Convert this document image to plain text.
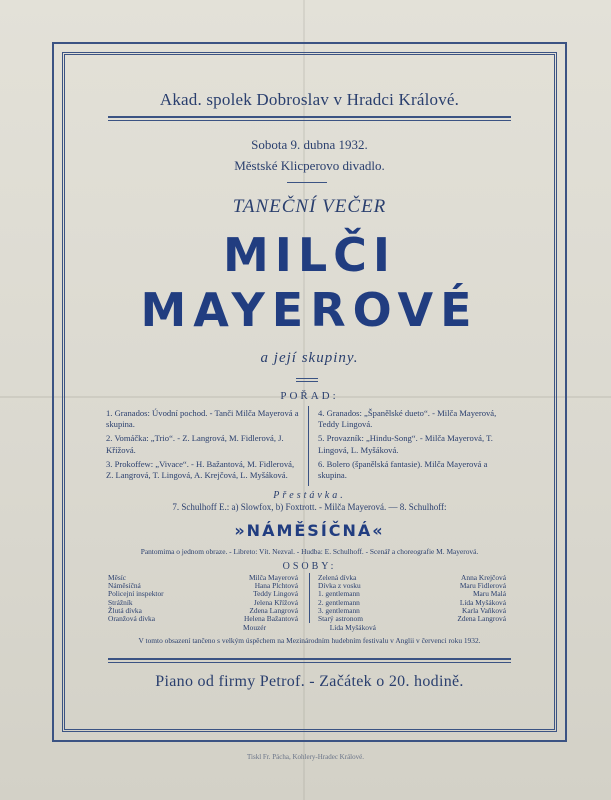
Akad. spolek Dobroslav v Hradci Králové.
Sobota 9. dubna 1932.
Městské Klicperovo divadlo.
TANEČNÍ VEČER
MILČI
MAYEROVÉ
a její skupiny.
POŘAD:
1. Granados: Úvodní pochod. - Tanči Milča Mayerová a skupina.
2. Vomáčka: „Trio“. - Z. Langrová, M. Fidlerová, J. Křížová.
3. Prokoffew: „Vivace“. - H. Bažantová, M. Fidlerová, Z. Langrová, T. Lingová, A. Krejčová, L. Myšáková.
4. Granados: „Španělské dueto“. - Milča Mayerová, Teddy Lingová.
5. Provazník: „Hindu-Song“. - Milča Mayerová, T. Lingová, L. Myšáková.
6. Bolero (španělská fantasie). Milča Mayerová a skupina.
Přestávka.
7. Schulhoff E.: a) Slowfox, b) Foxtrott. - Milča Mayerová. — 8. Schulhoff:
»NÁMĚSÍČNÁ«
Pantomima o jednom obraze. - Libreto: Vít. Nezval. - Hudba: E. Schulhoff. - Scenář a choreografie M. Mayerová.
OSOBY:
Měsíc	Milča Mayerová
Náměsíčná	Hana Plchtová
Policejní inspektor	Teddy Lingová
Strážník	Jelena Křížová
Žlutá dívka	Zdena Langrová
Oranžová dívka	Helena Bažantová
Zelená dívka	Anna Krejčová
Dívka z vosku	Maru Fidlerová
1. gentlemann	Maru Malá
2. gentlemann	Lída Myšáková
3. gentlemann	Karla Vaňková
Starý astronom	Zdena Langrová
Mouzér	Lída Myšáková
V tomto obsazení tančeno s velkým úspěchem na Mezinárodním hudebním festivalu v Anglii v červenci roku 1932.
Piano od firmy Petrof. - Začátek o 20. hodině.
Tiskl Fr. Pácha, Kohlery-Hradec Králové.
